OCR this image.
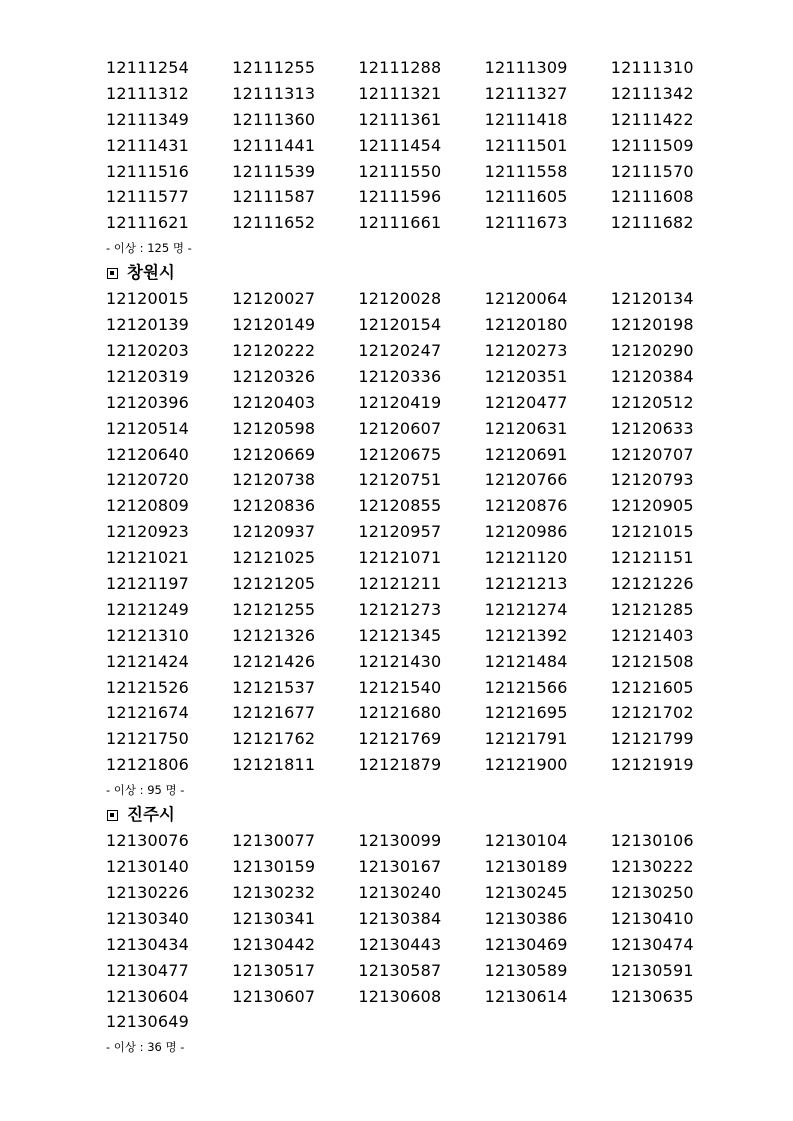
12111254	12111255	12111288	12111309	12111310
12111312	12111313	12111321	12111327	12111342
12111349	12111360	12111361	12111418	12111422
12111431	12111441	12111454	12111501	12111509
12111516	12111539	12111550	12111558	12111570
12111577	12111587	12111596	12111605	12111608
12111621	12111652	12111661	12111673	12111682
- 이상 : 125 명 -
창원시
12120015	12120027	12120028	12120064	12120134
12120139	12120149	12120154	12120180	12120198
12120203	12120222	12120247	12120273	12120290
12120319	12120326	12120336	12120351	12120384
12120396	12120403	12120419	12120477	12120512
12120514	12120598	12120607	12120631	12120633
12120640	12120669	12120675	12120691	12120707
12120720	12120738	12120751	12120766	12120793
12120809	12120836	12120855	12120876	12120905
12120923	12120937	12120957	12120986	12121015
12121021	12121025	12121071	12121120	12121151
12121197	12121205	12121211	12121213	12121226
12121249	12121255	12121273	12121274	12121285
12121310	12121326	12121345	12121392	12121403
12121424	12121426	12121430	12121484	12121508
12121526	12121537	12121540	12121566	12121605
12121674	12121677	12121680	12121695	12121702
12121750	12121762	12121769	12121791	12121799
12121806	12121811	12121879	12121900	12121919
- 이상 : 95 명 -
진주시
12130076	12130077	12130099	12130104	12130106
12130140	12130159	12130167	12130189	12130222
12130226	12130232	12130240	12130245	12130250
12130340	12130341	12130384	12130386	12130410
12130434	12130442	12130443	12130469	12130474
12130477	12130517	12130587	12130589	12130591
12130604	12130607	12130608	12130614	12130635
12130649
- 이상 : 36 명 -
